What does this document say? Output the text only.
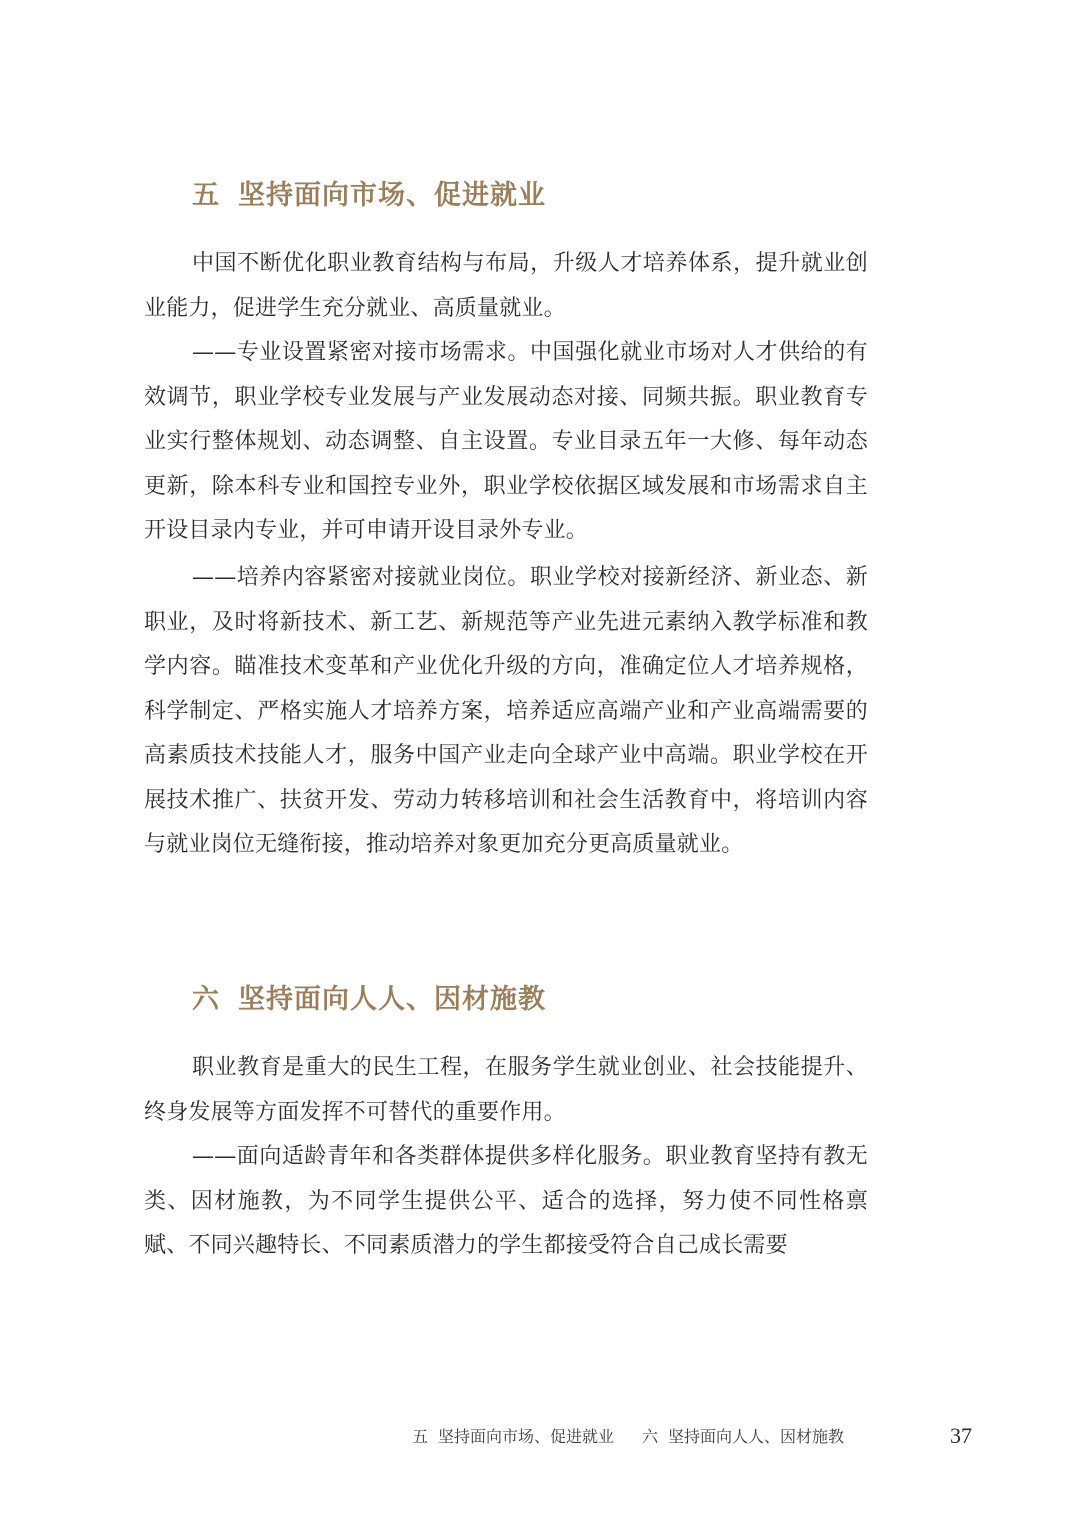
五 坚持面向市场、促进就业

中国不断优化职业教育结构与布局，升级人才培养体系，提升就业创业能力，促进学生充分就业、高质量就业。

——专业设置紧密对接市场需求。中国强化就业市场对人才供给的有效调节，职业学校专业发展与产业发展动态对接、同频共振。职业教育专业实行整体规划、动态调整、自主设置。专业目录五年一大修、每年动态更新，除本科专业和国控专业外，职业学校依据区域发展和市场需求自主开设目录内专业，并可申请开设目录外专业。

——培养内容紧密对接就业岗位。职业学校对接新经济、新业态、新职业，及时将新技术、新工艺、新规范等产业先进元素纳入教学标准和教学内容。瞄准技术变革和产业优化升级的方向，准确定位人才培养规格，科学制定、严格实施人才培养方案，培养适应高端产业和产业高端需要的高素质技术技能人才，服务中国产业走向全球产业中高端。职业学校在开展技术推广、扶贫开发、劳动力转移培训和社会生活教育中，将培训内容与就业岗位无缝衔接，推动培养对象更加充分更高质量就业。

六 坚持面向人人、因材施教

职业教育是重大的民生工程，在服务学生就业创业、社会技能提升、终身发展等方面发挥不可替代的重要作用。

——面向适龄青年和各类群体提供多样化服务。职业教育坚持有教无类、因材施教，为不同学生提供公平、适合的选择，努力使不同性格禀赋、不同兴趣特长、不同素质潜力的学生都接受符合自己成长需要

五 坚持面向市场、促进就业 六 坚持面向人人、因材施教	37
